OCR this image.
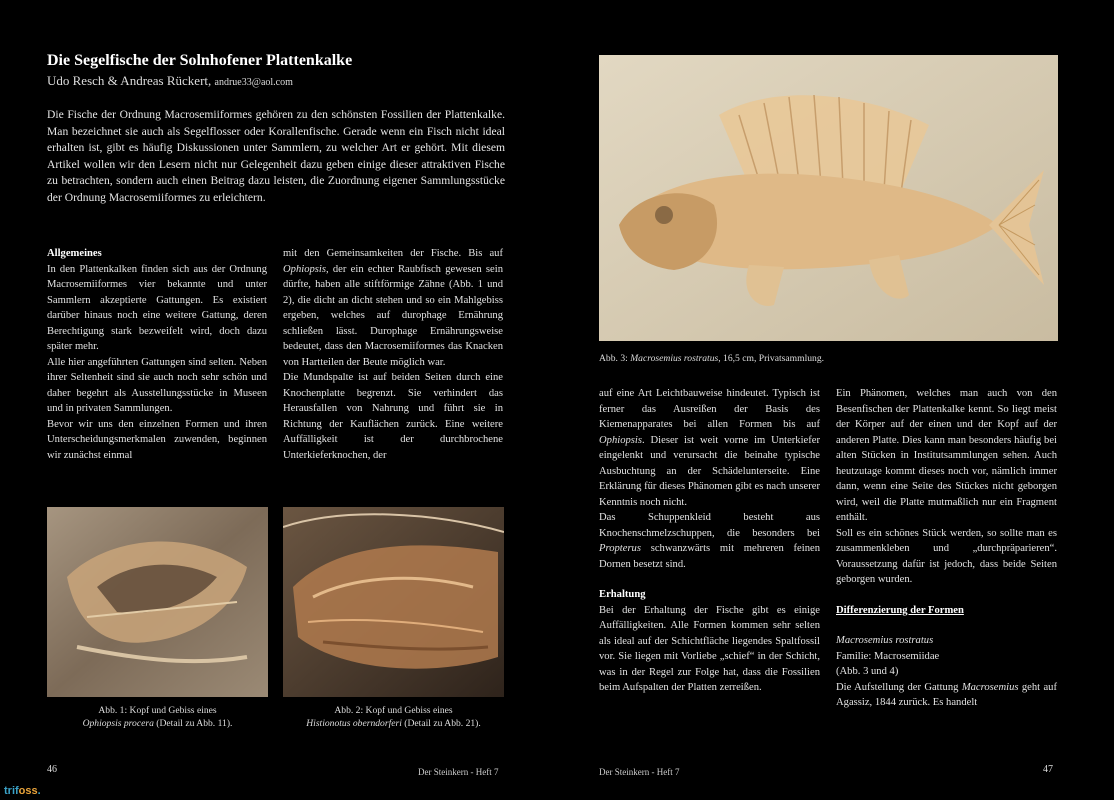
Die Segelfische der Solnhofener Plattenkalke
Udo Resch & Andreas Rückert, andrue33@aol.com
Die Fische der Ordnung Macrosemiiformes gehören zu den schönsten Fossilien der Plattenkalke. Man bezeichnet sie auch als Segelflosser oder Korallenfische. Gerade wenn ein Fisch nicht ideal erhalten ist, gibt es häufig Diskussionen unter Sammlern, zu welcher Art er gehört. Mit diesem Artikel wollen wir den Lesern nicht nur Gelegenheit dazu geben einige dieser attraktiven Fische zu betrachten, sondern auch einen Beitrag dazu leisten, die Zuordnung eigener Sammlungsstücke der Ordnung Macrosemiiformes zu erleichtern.

Allgemeines

In den Plattenkalken finden sich aus der Ordnung Macrosemiiformes vier bekannte und unter Sammlern akzeptierte Gattungen. Es existiert darüber hinaus noch eine weitere Gattung, deren Berechtigung stark bezweifelt wird, doch dazu später mehr.

Alle hier angeführten Gattungen sind selten. Neben ihrer Seltenheit sind sie auch noch sehr schön und daher begehrt als Ausstellungsstücke in Museen und in privaten Sammlungen.

Bevor wir uns den einzelnen Formen und ihren Unterscheidungsmerkmalen zuwenden, beginnen wir zunächst einmal

mit den Gemeinsamkeiten der Fische. Bis auf Ophiopsis, der ein echter Raubfisch gewesen sein dürfte, haben alle stiftförmige Zähne (Abb. 1 und 2), die dicht an dicht stehen und so ein Mahlgebiss ergeben, welches auf durophage Ernährung schließen lässt. Durophage Ernährungsweise bedeutet, dass den Macrosemiiformes das Knacken von Hartteilen der Beute möglich war.

Die Mundspalte ist auf beiden Seiten durch eine Knochenplatte begrenzt. Sie verhindert das Herausfallen von Nahrung und führt sie in Richtung der Kauflächen zurück. Eine weitere Auffälligkeit ist der durchbrochene Unterkieferknochen, der

Abb. 1: Kopf und Gebiss eines
Ophiopsis procera (Detail zu Abb. 11).
Abb. 2: Kopf und Gebiss eines
Histionotus oberndorferi (Detail zu Abb. 21).
Abb. 3: Macrosemius rostratus, 16,5 cm, Privatsammlung.

auf eine Art Leichtbauweise hindeutet. Typisch ist ferner das Ausreißen der Basis des Kiemenapparates bei allen Formen bis auf Ophiopsis. Dieser ist weit vorne im Unterkiefer eingelenkt und verursacht die beinahe typische Ausbuchtung an der Schädelunterseite. Eine Erklärung für dieses Phänomen gibt es nach unserer Kenntnis noch nicht.

Das Schuppenkleid besteht aus Knochenschmelzschuppen, die besonders bei Propterus schwanzwärts mit mehreren feinen Dornen besetzt sind.

Erhaltung

Bei der Erhaltung der Fische gibt es einige Auffälligkeiten. Alle Formen kommen sehr selten als ideal auf der Schichtfläche liegendes Spaltfossil vor. Sie liegen mit Vorliebe „schief“ in der Schicht, was in der Regel zur Folge hat, dass die Fossilien beim Aufspalten der Platten zerreißen.

Ein Phänomen, welches man auch von den Besenfischen der Plattenkalke kennt. So liegt meist der Körper auf der einen und der Kopf auf der anderen Platte. Dies kann man besonders häufig bei alten Stücken in Institutsammlungen sehen. Auch heutzutage kommt dieses noch vor, nämlich immer dann, wenn eine Seite des Stückes nicht geborgen wird, weil die Platte mutmaßlich nur ein Fragment enthält.

Soll es ein schönes Stück werden, so sollte man es zusammenkleben und „durchpräparieren“. Voraussetzung dafür ist jedoch, dass beide Seiten geborgen wurden.

Differenzierung der Formen

Macrosemius rostratus

Familie: Macrosemiidae

(Abb. 3 und 4)

Die Aufstellung der Gattung Macrosemius geht auf Agassiz, 1844 zurück. Es handelt

46	Der Steinkern - Heft 7	Der Steinkern - Heft 7	47
trifoss.
